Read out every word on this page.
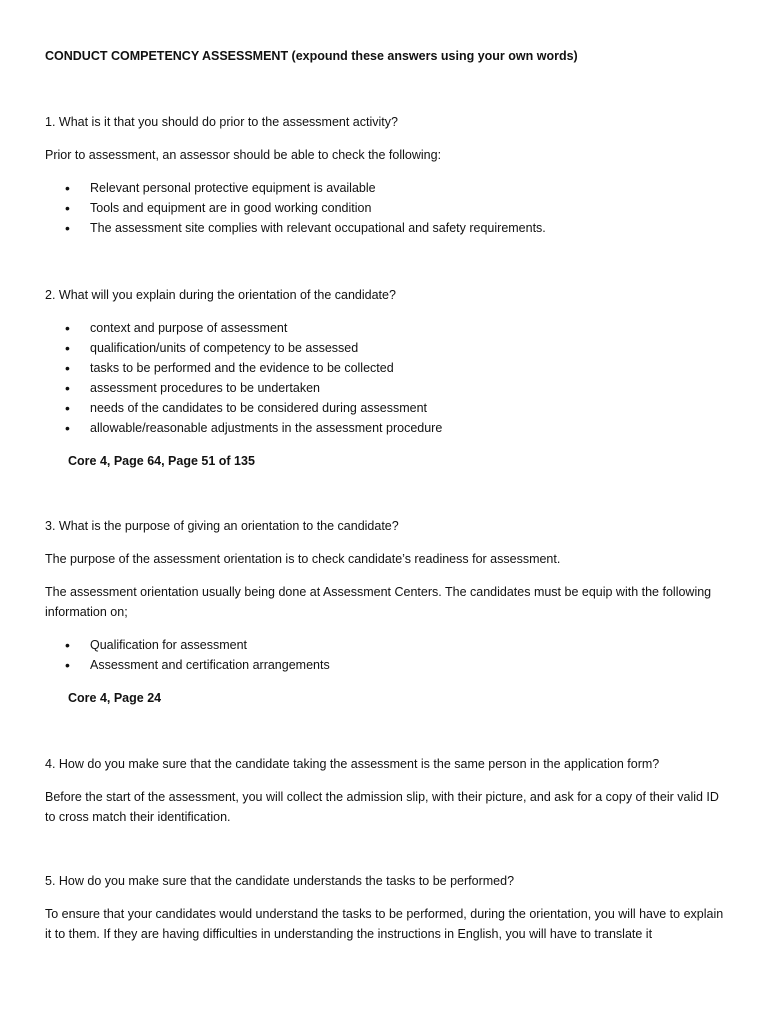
CONDUCT COMPETENCY ASSESSMENT (expound these answers using your own words)

1. What is it that you should do prior to the assessment activity?

Prior to assessment, an assessor should be able to check the following:

• Relevant personal protective equipment is available
• Tools and equipment are in good working condition
• The assessment site complies with relevant occupational and safety requirements.

2. What will you explain during the orientation of the candidate?

• context and purpose of assessment
• qualification/units of competency to be assessed
• tasks to be performed and the evidence to be collected
• assessment procedures to be undertaken
• needs of the candidates to be considered during assessment
• allowable/reasonable adjustments in the assessment procedure

Core 4, Page 64, Page 51 of 135

3. What is the purpose of giving an orientation to the candidate?

The purpose of the assessment orientation is to check candidate’s readiness for assessment.

The assessment orientation usually being done at Assessment Centers. The candidates must be equip with the following information on;

• Qualification for assessment
• Assessment and certification arrangements

Core 4, Page 24

4. How do you make sure that the candidate taking the assessment is the same person in the application form?

Before the start of the assessment, you will collect the admission slip, with their picture, and ask for a copy of their valid ID to cross match their identification.

5. How do you make sure that the candidate understands the tasks to be performed?

To ensure that your candidates would understand the tasks to be performed, during the orientation, you will have to explain it to them. If they are having difficulties in understanding the instructions in English, you will have to translate it
